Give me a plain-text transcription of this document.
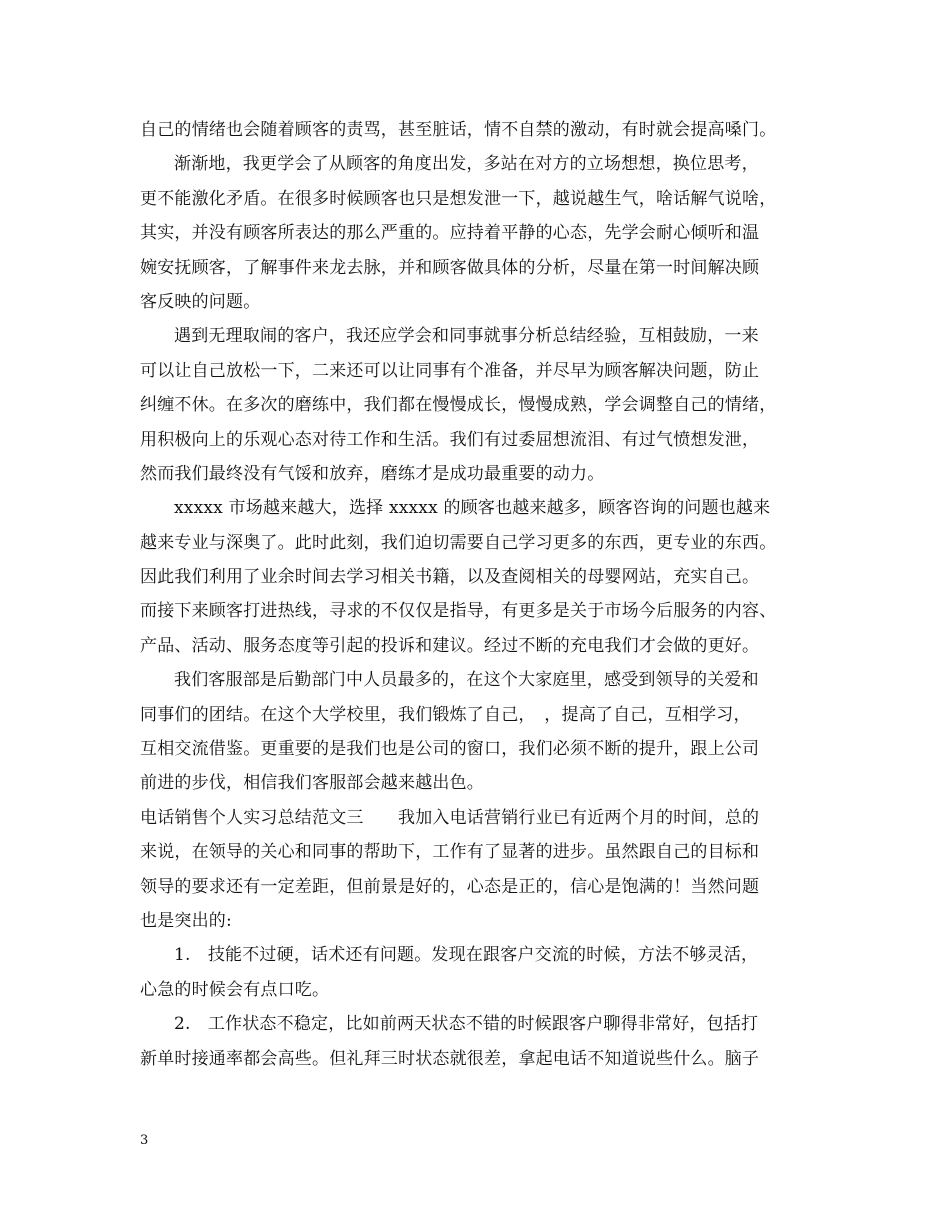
自己的情绪也会随着顾客的责骂，甚至脏话，情不自禁的激动，有时就会提高嗓门。
渐渐地，我更学会了从顾客的角度出发，多站在对方的立场想想，换位思考，
更不能激化矛盾。在很多时候顾客也只是想发泄一下，越说越生气，啥话解气说啥，
其实，并没有顾客所表达的那么严重的。应持着平静的心态，先学会耐心倾听和温
婉安抚顾客，了解事件来龙去脉，并和顾客做具体的分析，尽量在第一时间解决顾
客反映的问题。
遇到无理取闹的客户，我还应学会和同事就事分析总结经验，互相鼓励，一来
可以让自己放松一下，二来还可以让同事有个准备，并尽早为顾客解决问题，防止
纠缠不休。在多次的磨练中，我们都在慢慢成长，慢慢成熟，学会调整自己的情绪，
用积极向上的乐观心态对待工作和生活。我们有过委屈想流泪、有过气愤想发泄，
然而我们最终没有气馁和放弃，磨练才是成功最重要的动力。
xxxxx 市场越来越大，选择 xxxxx 的顾客也越来越多，顾客咨询的问题也越来
越来专业与深奥了。此时此刻，我们迫切需要自己学习更多的东西，更专业的东西。
因此我们利用了业余时间去学习相关书籍，以及查阅相关的母婴网站，充实自己。
而接下来顾客打进热线，寻求的不仅仅是指导，有更多是关于市场今后服务的内容、
产品、活动、服务态度等引起的投诉和建议。经过不断的充电我们才会做的更好。
我们客服部是后勤部门中人员最多的，在这个大家庭里，感受到领导的关爱和
同事们的团结。在这个大学校里，我们锻炼了自己，　，提高了自己，互相学习，
互相交流借鉴。更重要的是我们也是公司的窗口，我们必须不断的提升，跟上公司
前进的步伐，相信我们客服部会越来越出色。
电话销售个人实习总结范文三　　我加入电话营销行业已有近两个月的时间，总的
来说，在领导的关心和同事的帮助下，工作有了显著的进步。虽然跟自己的目标和
领导的要求还有一定差距，但前景是好的，心态是正的，信心是饱满的！当然问题
也是突出的:
1.　技能不过硬，话术还有问题。发现在跟客户交流的时候，方法不够灵活，
心急的时候会有点口吃。
2.　工作状态不稳定，比如前两天状态不错的时候跟客户聊得非常好，包括打
新单时接通率都会高些。但礼拜三时状态就很差，拿起电话不知道说些什么。脑子
3
